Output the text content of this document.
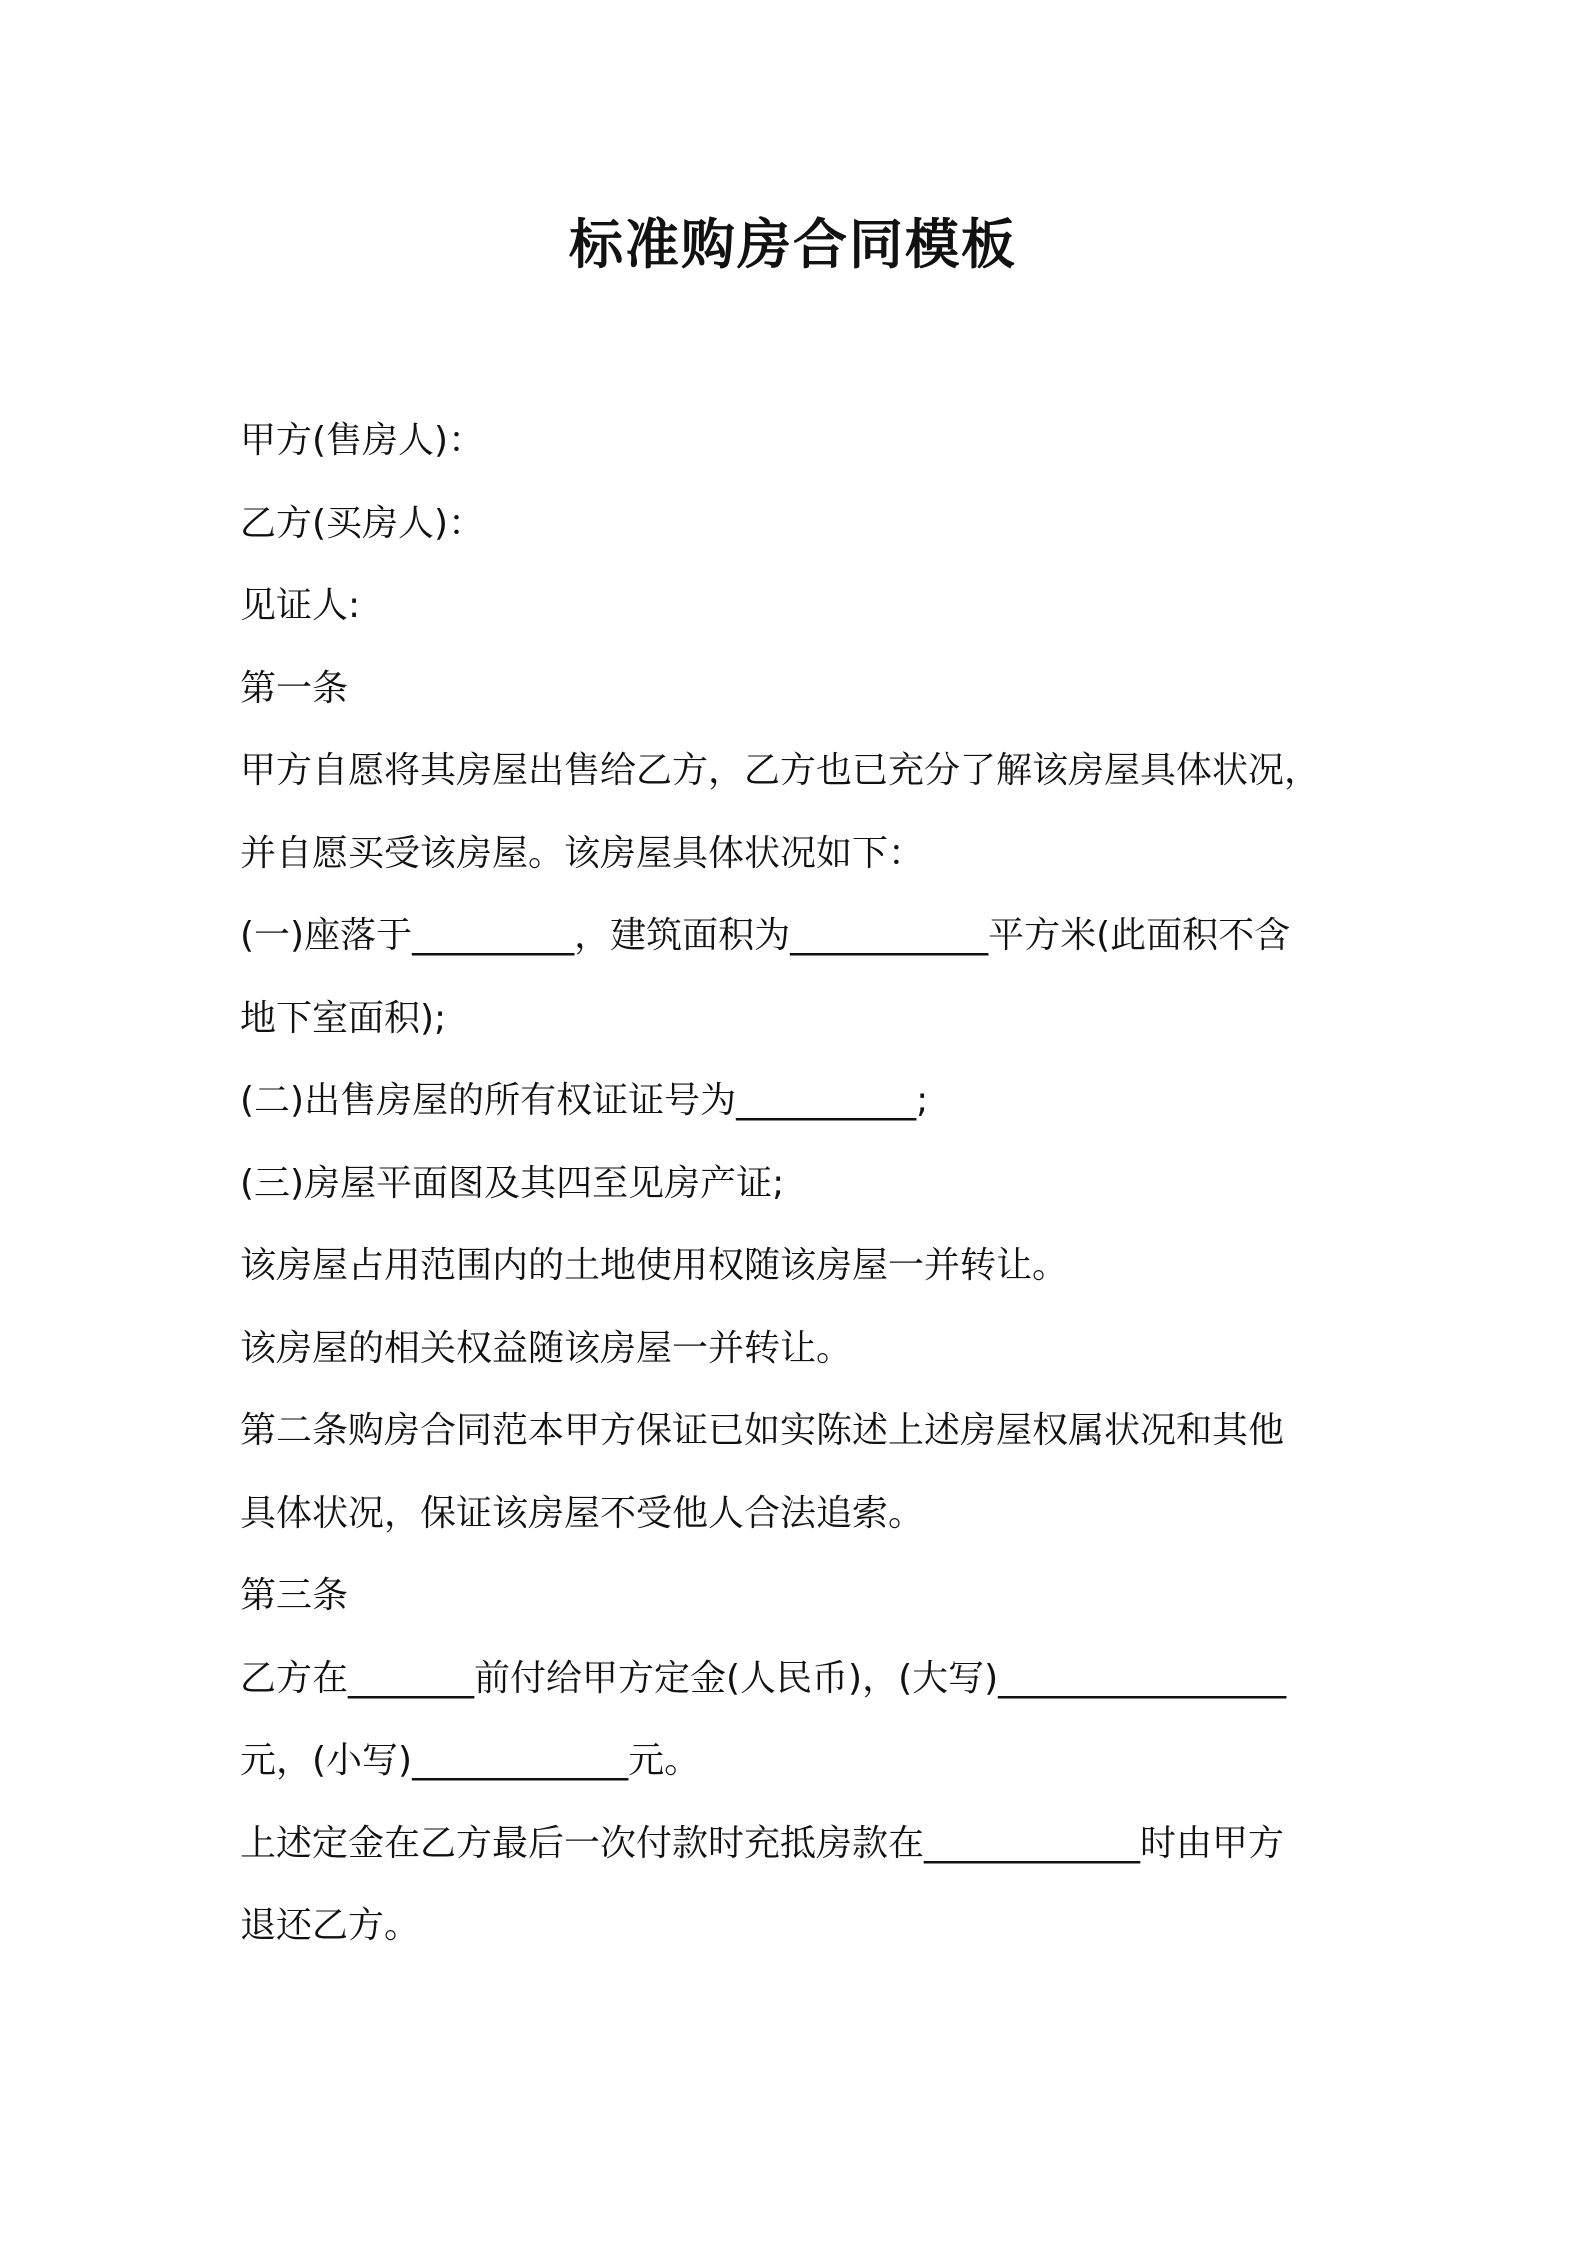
标准购房合同模板

甲方(售房人)：

乙方(买房人)：

见证人:

第一条

甲方自愿将其房屋出售给乙方，乙方也已充分了解该房屋具体状况，

并自愿买受该房屋。该房屋具体状况如下：

(一)座落于_________，建筑面积为___________平方米(此面积不含

地下室面积);

(二)出售房屋的所有权证证号为__________;

(三)房屋平面图及其四至见房产证;

该房屋占用范围内的土地使用权随该房屋一并转让。

该房屋的相关权益随该房屋一并转让。

第二条购房合同范本甲方保证已如实陈述上述房屋权属状况和其他

具体状况，保证该房屋不受他人合法追索。

第三条

乙方在_______前付给甲方定金(人民币)，(大写)________________

元，(小写)____________元。

上述定金在乙方最后一次付款时充抵房款在____________时由甲方

退还乙方。
